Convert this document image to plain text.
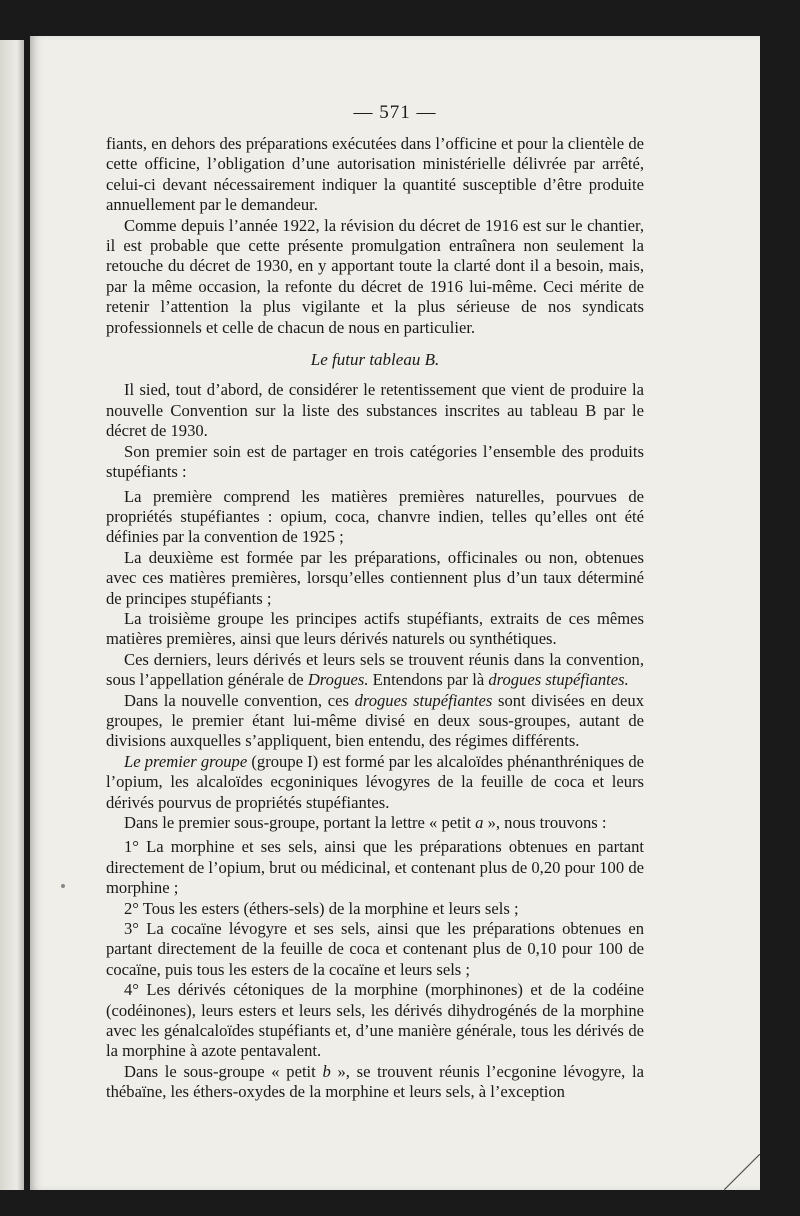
— 571 —

fiants, en dehors des préparations exécutées dans l’officine et pour la clientèle de cette officine, l’obligation d’une autorisation ministérielle délivrée par arrêté, celui-ci devant nécessairement indiquer la quantité susceptible d’être produite annuellement par le demandeur.

Comme depuis l’année 1922, la révision du décret de 1916 est sur le chantier, il est probable que cette présente promulgation entraînera non seulement la retouche du décret de 1930, en y apportant toute la clarté dont il a besoin, mais, par la même occasion, la refonte du décret de 1916 lui-même. Ceci mérite de retenir l’attention la plus vigilante et la plus sérieuse de nos syndicats professionnels et celle de chacun de nous en particulier.

Le futur tableau B.

Il sied, tout d’abord, de considérer le retentissement que vient de produire la nouvelle Convention sur la liste des substances inscrites au tableau B par le décret de 1930.

Son premier soin est de partager en trois catégories l’ensemble des produits stupéfiants :

La première comprend les matières premières naturelles, pourvues de propriétés stupéfiantes : opium, coca, chanvre indien, telles qu’elles ont été définies par la convention de 1925 ;

La deuxième est formée par les préparations, officinales ou non, obtenues avec ces matières premières, lorsqu’elles contiennent plus d’un taux déterminé de principes stupéfiants ;

La troisième groupe les principes actifs stupéfiants, extraits de ces mêmes matières premières, ainsi que leurs dérivés naturels ou synthétiques.

Ces derniers, leurs dérivés et leurs sels se trouvent réunis dans la convention, sous l’appellation générale de Drogues. Entendons par là drogues stupéfiantes.

Dans la nouvelle convention, ces drogues stupéfiantes sont divisées en deux groupes, le premier étant lui-même divisé en deux sous-groupes, autant de divisions auxquelles s’appliquent, bien entendu, des régimes différents.

Le premier groupe (groupe I) est formé par les alcaloïdes phénanthréniques de l’opium, les alcaloïdes ecgoniniques lévogyres de la feuille de coca et leurs dérivés pourvus de propriétés stupéfiantes.

Dans le premier sous-groupe, portant la lettre « petit a », nous trouvons :

1° La morphine et ses sels, ainsi que les préparations obtenues en partant directement de l’opium, brut ou médicinal, et contenant plus de 0,20 pour 100 de morphine ;

2° Tous les esters (éthers-sels) de la morphine et leurs sels ;

3° La cocaïne lévogyre et ses sels, ainsi que les préparations obtenues en partant directement de la feuille de coca et contenant plus de 0,10 pour 100 de cocaïne, puis tous les esters de la cocaïne et leurs sels ;

4° Les dérivés cétoniques de la morphine (morphinones) et de la codéine (codéinones), leurs esters et leurs sels, les dérivés dihydrogénés de la morphine avec les génalcaloïdes stupéfiants et, d’une manière générale, tous les dérivés de la morphine à azote pentavalent.

Dans le sous-groupe « petit b », se trouvent réunis l’ecgonine lévogyre, la thébaïne, les éthers-oxydes de la morphine et leurs sels, à l’exception
